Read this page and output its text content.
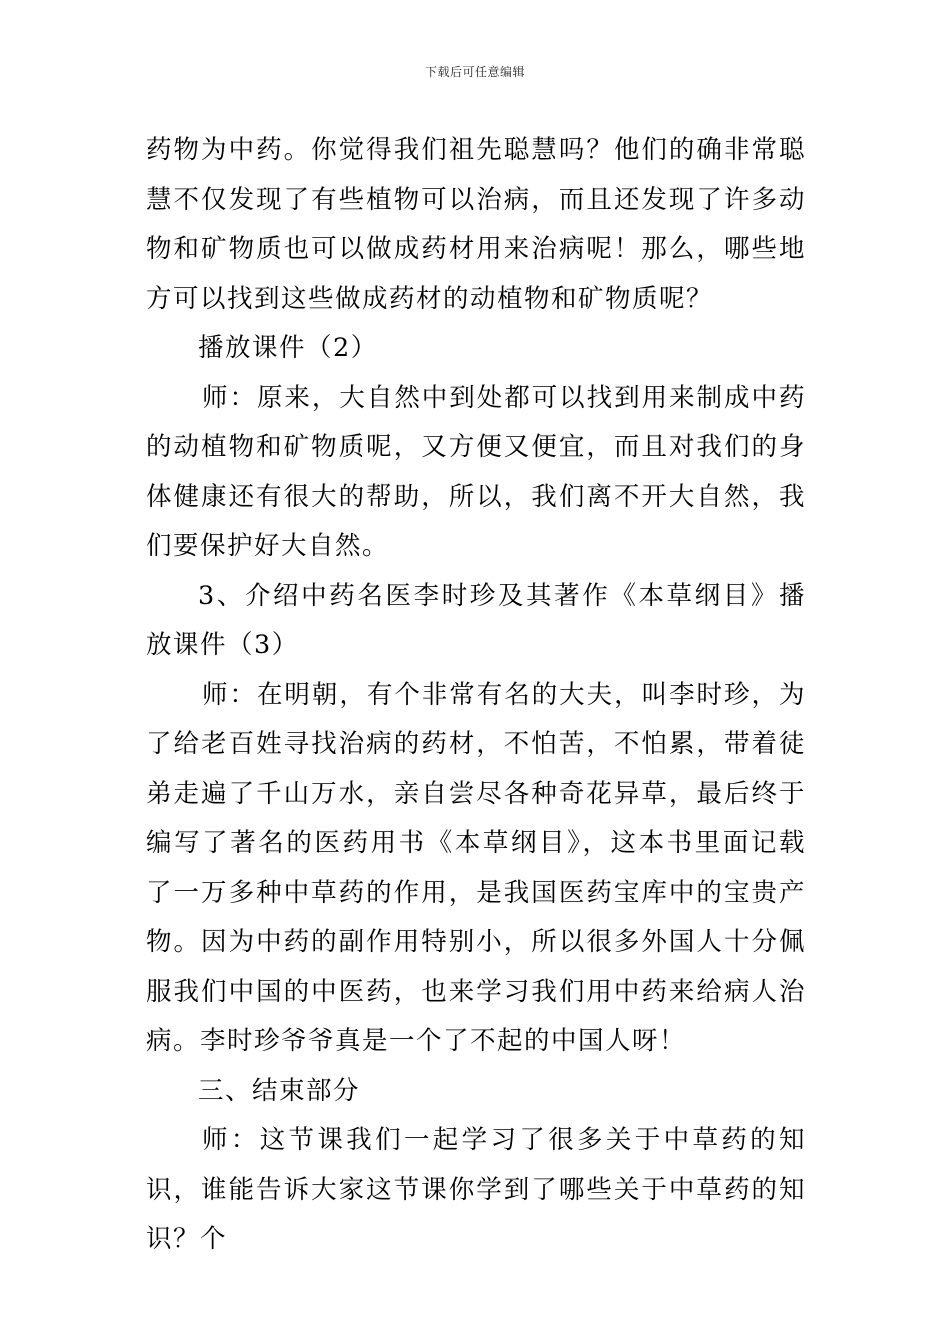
下载后可任意编辑

药物为中药。你觉得我们祖先聪慧吗？他们的确非常聪慧不仅发现了有些植物可以治病，而且还发现了许多动物和矿物质也可以做成药材用来治病呢！那么，哪些地方可以找到这些做成药材的动植物和矿物质呢？

播放课件（2）

师：原来，大自然中到处都可以找到用来制成中药的动植物和矿物质呢，又方便又便宜，而且对我们的身体健康还有很大的帮助，所以，我们离不开大自然，我们要保护好大自然。

3、介绍中药名医李时珍及其著作《本草纲目》播放课件（3）

师：在明朝，有个非常有名的大夫，叫李时珍，为了给老百姓寻找治病的药材，不怕苦，不怕累，带着徒弟走遍了千山万水，亲自尝尽各种奇花异草，最后终于编写了著名的医药用书《本草纲目》，这本书里面记载了一万多种中草药的作用，是我国医药宝库中的宝贵产物。因为中药的副作用特别小，所以很多外国人十分佩服我们中国的中医药，也来学习我们用中药来给病人治病。李时珍爷爷真是一个了不起的中国人呀！

三、结束部分

师：这节课我们一起学习了很多关于中草药的知识，谁能告诉大家这节课你学到了哪些关于中草药的知识？个
